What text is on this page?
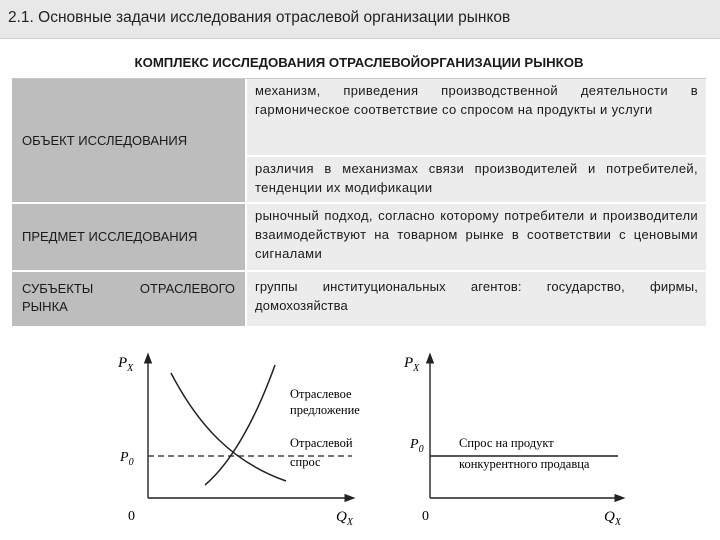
2.1. Основные задачи исследования отраслевой организации рынков
КОМПЛЕКС ИССЛЕДОВАНИЯ ОТРАСЛЕВОЙОРГАНИЗАЦИИ РЫНКОВ
ОБЪЕКТ ИССЛЕДОВАНИЯ
механизм, приведения производственной деятельности в гармоническое соответствие со спросом на продукты и услуги
различия в механизмах связи производителей и потребителей, тенденции их модификации
ПРЕДМЕТ ИССЛЕДОВАНИЯ
рыночный подход, согласно которому потребители и производители взаимодействуют на товарном рынке в соответствии с ценовыми сигналами
СУБЪЕКТЫ	ОТРАСЛЕВОГО
РЫНКА
группы институциональных агентов: государство, фирмы, домохозяйства
$P_X$
$Q_X$
0
$P_0$
Отраслевое
предложение
Отраслевой
спрос
$P_X$
$Q_X$
0
$P_0$	Спрос на продукт
конкурентного продавца
